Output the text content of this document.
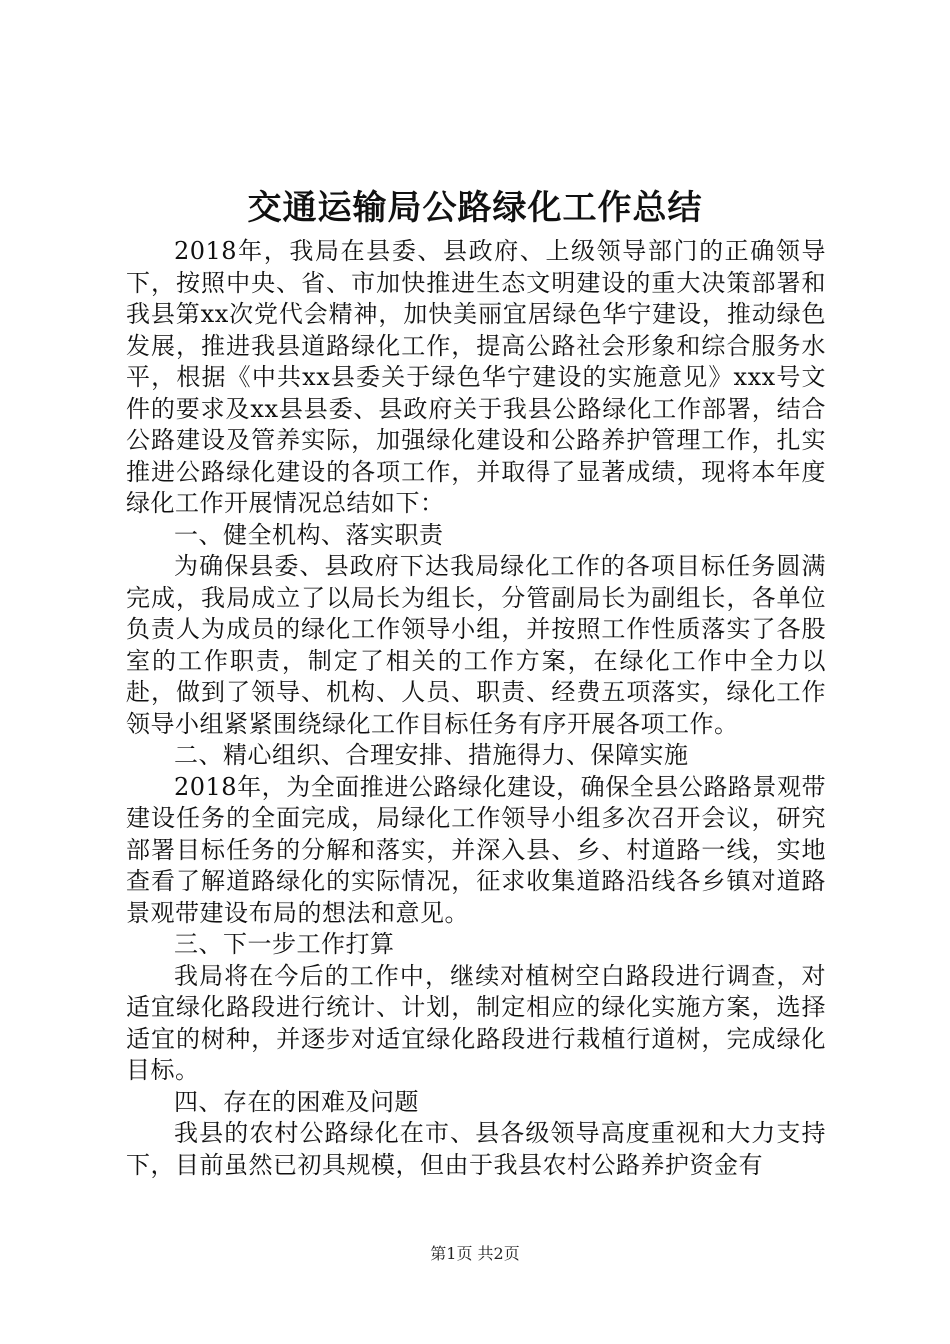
交通运输局公路绿化工作总结

2018年，我局在县委、县政府、上级领导部门的正确领导下，按照中央、省、市加快推进生态文明建设的重大决策部署和我县第xx次党代会精神，加快美丽宜居绿色华宁建设，推动绿色发展，推进我县道路绿化工作，提高公路社会形象和综合服务水平，根据《中共xx县委关于绿色华宁建设的实施意见》xxx号文件的要求及xx县县委、县政府关于我县公路绿化工作部署，结合公路建设及管养实际，加强绿化建设和公路养护管理工作，扎实推进公路绿化建设的各项工作，并取得了显著成绩，现将本年度绿化工作开展情况总结如下：

一、健全机构、落实职责

为确保县委、县政府下达我局绿化工作的各项目标任务圆满完成，我局成立了以局长为组长，分管副局长为副组长，各单位负责人为成员的绿化工作领导小组，并按照工作性质落实了各股室的工作职责，制定了相关的工作方案，在绿化工作中全力以赴，做到了领导、机构、人员、职责、经费五项落实，绿化工作领导小组紧紧围绕绿化工作目标任务有序开展各项工作。

二、精心组织、合理安排、措施得力、保障实施

2018年，为全面推进公路绿化建设，确保全县公路路景观带建设任务的全面完成，局绿化工作领导小组多次召开会议，研究部署目标任务的分解和落实，并深入县、乡、村道路一线，实地查看了解道路绿化的实际情况，征求收集道路沿线各乡镇对道路景观带建设布局的想法和意见。

三、下一步工作打算

我局将在今后的工作中，继续对植树空白路段进行调查，对适宜绿化路段进行统计、计划，制定相应的绿化实施方案，选择适宜的树种，并逐步对适宜绿化路段进行栽植行道树，完成绿化目标。

四、存在的困难及问题

我县的农村公路绿化在市、县各级领导高度重视和大力支持下，目前虽然已初具规模，但由于我县农村公路养护资金有

第1页 共2页
